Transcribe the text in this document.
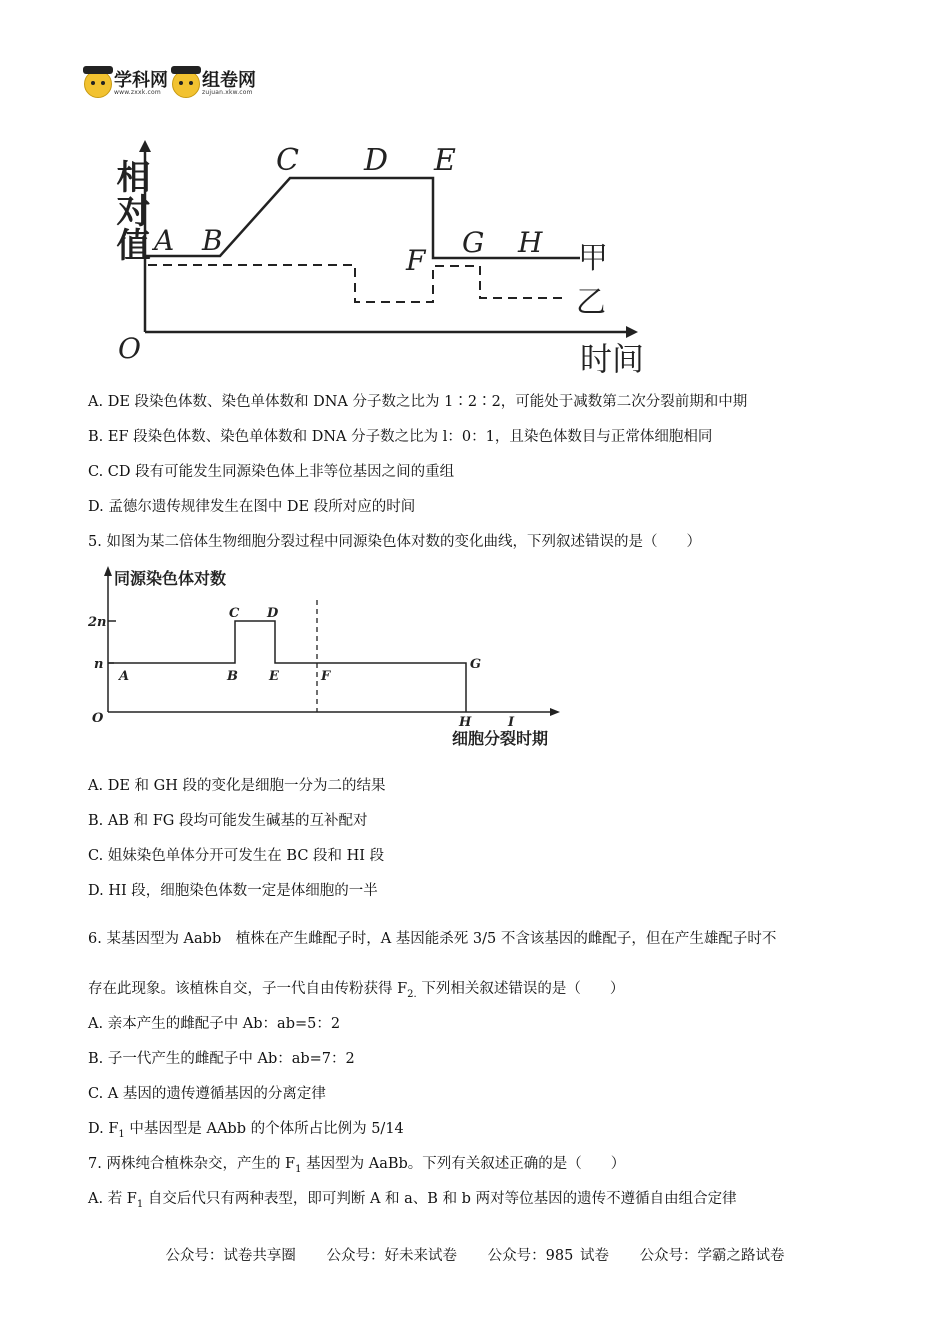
学科网
www.zxxk.com
组卷网
zujuan.xkw.com
相对值
时间
O
甲
乙
A B
C D E
F
G H
A. DE 段染色体数、染色单体数和 DNA 分子数之比为 1∶2∶2，可能处于减数第二次分裂前期和中期
B. EF 段染色体数、染色单体数和 DNA 分子数之比为 l：0：1，且染色体数目与正常体细胞相同
C. CD 段有可能发生同源染色体上非等位基因之间的重组
D. 孟德尔遗传规律发生在图中 DE 段所对应的时间
5. 如图为某二倍体生物细胞分裂过程中同源染色体对数的变化曲线，下列叙述错误的是（　　）
同源染色体对数
细胞分裂时期
O
2n
n
A	B
C D
E	F
G
H	I
A. DE 和 GH 段的变化是细胞一分为二的结果
B. AB 和 FG 段均可能发生碱基的互补配对
C. 姐妹染色单体分开可发生在 BC 段和 HI 段
D. HI 段，细胞染色体数一定是体细胞的一半
6. 某基因型为 Aabb　植株在产生雌配子时，A 基因能杀死 3/5 不含该基因的雌配子，但在产生雄配子时不
存在此现象。该植株自交，子一代自由传粉获得 $F_{2.}$ 下列相关叙述错误的是（　　）
A. 亲本产生的雌配子中 Ab：ab=5：2
B. 子一代产生的雌配子中 Ab：ab=7：2
C. A 基因的遗传遵循基因的分离定律
D. $F_1$ 中基因型是 AAbb 的个体所占比例为 5/14
7. 两株纯合植株杂交，产生的 $F_1$ 基因型为 AaBb。下列有关叙述正确的是（　　）
A. 若 $F_1$ 自交后代只有两种表型，即可判断 A 和 a、B 和 b 两对等位基因的遗传不遵循自由组合定律
公众号：试卷共享圈 公众号：好未来试卷 公众号：985 试卷 公众号：学霸之路试卷
